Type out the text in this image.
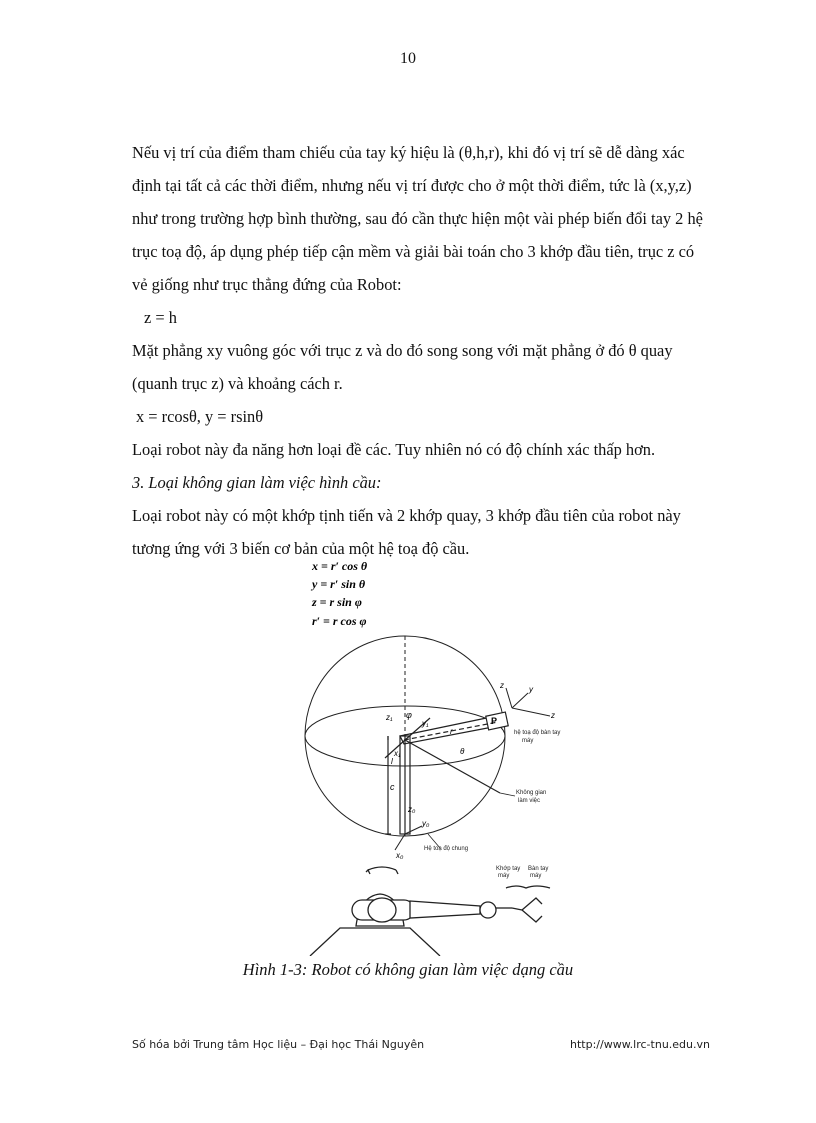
10
Nếu vị trí của điểm tham chiếu của tay ký hiệu là (θ,h,r), khi đó vị trí sẽ dễ dàng xác
định tại tất cả các thời điểm, nhưng nếu vị trí được cho ở một thời điểm, tức là (x,y,z)
như trong trường hợp bình thường, sau đó cần thực hiện một vài phép biến đổi tay 2 hệ
trục toạ độ, áp dụng phép tiếp cận mềm và giải bài toán cho 3 khớp đầu tiên, trục z có
vẻ giống như trục thẳng đứng của Robot:
z = h
Mặt phẳng xy vuông góc với trục z và do đó song song với mặt phẳng ở đó θ quay
(quanh trục z) và khoảng cách r.
x = rcosθ, y = rsinθ
Loại robot này đa năng hơn loại đề các. Tuy nhiên nó có độ chính xác thấp hơn.
3. Loại không gian làm việc hình cầu:
Loại robot này có một khớp tịnh tiến và 2 khớp quay, 3 khớp đầu tiên của robot này
tương ứng với 3 biến cơ bản của một hệ toạ độ cầu.
x = r′ cos θ
y = r′ sin θ
z = r sin φ
r′ = r cos φ
hệ toạ độ bàn tay
máy
Không gian
làm việc
Hệ toạ độ chung
Khớp tay
máy
Bàn tay
máy
P
z₁
y₁
x₁
z₀
y₀
x₀
z	y
z
φ
θ
r
l
c
Hình 1-3: Robot có không gian làm việc dạng cầu
Số hóa bởi Trung tâm Học liệu – Đại học Thái Nguyên	http://www.lrc-tnu.edu.vn
